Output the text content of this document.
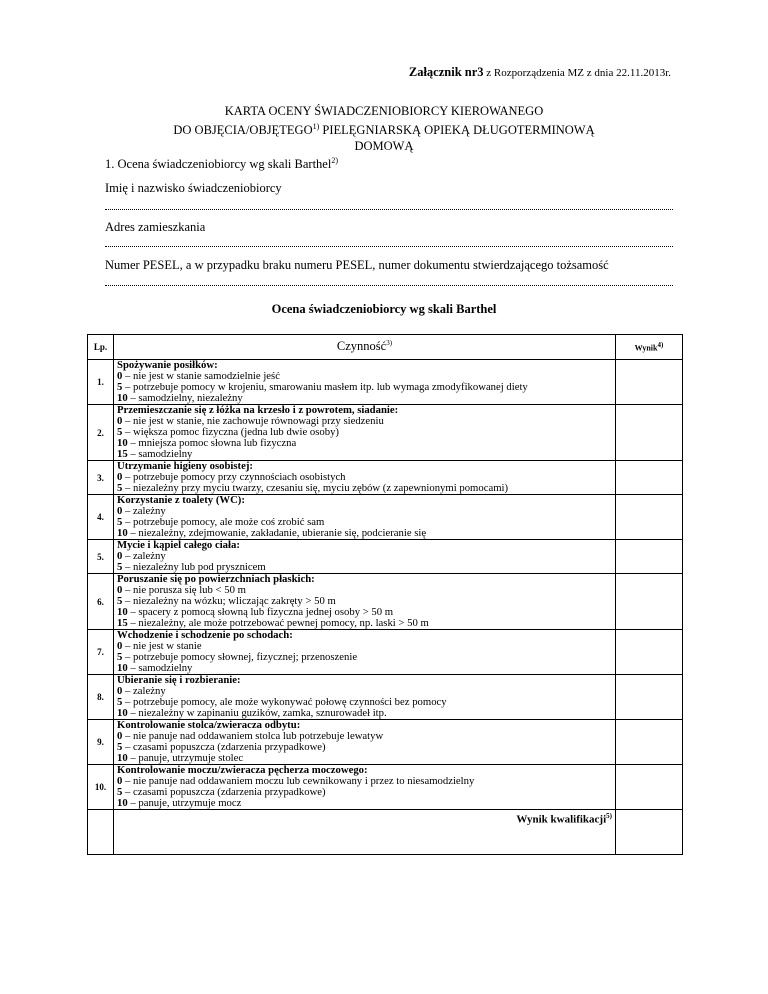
Załącznik nr3 z Rozporządzenia MZ z dnia 22.11.2013r.
KARTA OCENY ŚWIADCZENIOBIORCY KIEROWANEGO
DO OBJĘCIA/OBJĘTEGO$^{1)}$ PIELĘGNIARSKĄ OPIEKĄ DŁUGOTERMINOWĄ
DOMOWĄ
1. Ocena świadczeniobiorcy wg skali Barthel$^{2)}$
Imię i nazwisko świadczeniobiorcy
Adres zamieszkania
Numer PESEL, a w przypadku braku numeru PESEL, numer dokumentu stwierdzającego tożsamość
Ocena świadczeniobiorcy wg skali Barthel
Lp.	Czynność$^{3)}$	Wynik$^{4)}$
1.	Spożywanie posiłków:
0 – nie jest w stanie samodzielnie jeść
5 – potrzebuje pomocy w krojeniu, smarowaniu masłem itp. lub wymaga zmodyfikowanej diety
10 – samodzielny, niezależny	

2.	Przemieszczanie się z łóżka na krzesło i z powrotem, siadanie:
0 – nie jest w stanie, nie zachowuje równowagi przy siedzeniu
5 – większa pomoc fizyczna (jedna lub dwie osoby)
10 – mniejsza pomoc słowna lub fizyczna
15 – samodzielny	

3.	Utrzymanie higieny osobistej:
0 – potrzebuje pomocy przy czynnościach osobistych
5 – niezależny przy myciu twarzy, czesaniu się, myciu zębów (z zapewnionymi pomocami)	

4.	Korzystanie z toalety (WC):
0 – zależny
5 – potrzebuje pomocy, ale może coś zrobić sam
10 – niezależny, zdejmowanie, zakładanie, ubieranie się, podcieranie się	

5.	Mycie i kąpiel całego ciała:
0 – zależny
5 – niezależny lub pod prysznicem	

6.	Poruszanie się po powierzchniach płaskich:
0 – nie porusza się lub < 50 m
5 – niezależny na wózku; wliczając zakręty > 50 m
10 – spacery z pomocą słowną lub fizyczna jednej osoby > 50 m
15 – niezależny, ale może potrzebować pewnej pomocy, np. laski > 50 m	

7.	Wchodzenie i schodzenie po schodach:
0 – nie jest w stanie
5 – potrzebuje pomocy słownej, fizycznej; przenoszenie
10 – samodzielny	

8.	Ubieranie się i rozbieranie:
0 – zależny
5 – potrzebuje pomocy, ale może wykonywać połowę czynności bez pomocy
10 – niezależny w zapinaniu guzików, zamka, sznurowadeł itp.	

9.	Kontrolowanie stolca/zwieracza odbytu:
0 – nie panuje nad oddawaniem stolca lub potrzebuje lewatyw
5 – czasami popuszcza (zdarzenia przypadkowe)
10 – panuje, utrzymuje stolec	

10.	Kontrolowanie moczu/zwieracza pęcherza moczowego:
0 – nie panuje nad oddawaniem moczu lub cewnikowany i przez to niesamodzielny
5 – czasami popuszcza (zdarzenia przypadkowe)
10 – panuje, utrzymuje mocz	

	Wynik kwalifikacji$^{5)}$	
